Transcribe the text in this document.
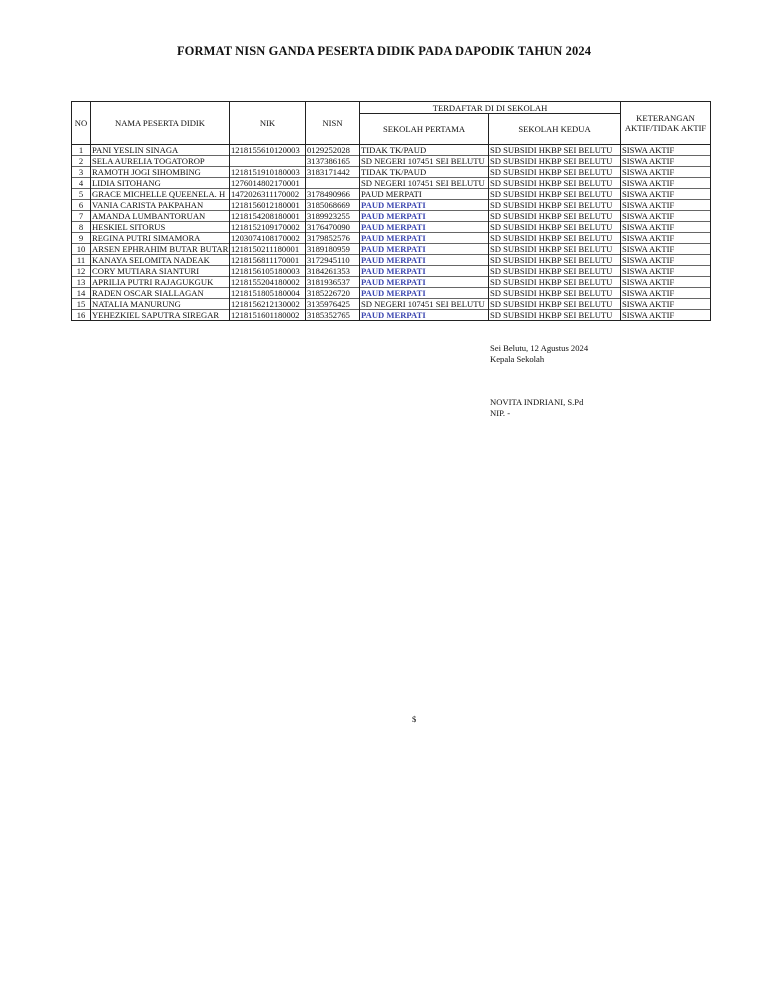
FORMAT NISN GANDA PESERTA DIDIK PADA DAPODIK TAHUN 2024
NO	NAMA PESERTA DIDIK	NIK	NISN	TERDAFTAR DI DI SEKOLAH		KETERANGAN AKTIF/TIDAK AKTIF
				SEKOLAH PERTAMA	SEKOLAH KEDUA	
1	PANI YESLIN SINAGA	1218155610120003	0129252028	TIDAK TK/PAUD	SD SUBSIDI HKBP SEI BELUTU	SISWA AKTIF
2	SELA AURELIA TOGATOROP		3137386165	SD NEGERI 107451 SEI BELUTU	SD SUBSIDI HKBP SEI BELUTU	SISWA AKTIF
3	RAMOTH JOGI SIHOMBING	1218151910180003	3183171442	TIDAK TK/PAUD	SD SUBSIDI HKBP SEI BELUTU	SISWA AKTIF
4	LIDIA SITOHANG	1276014802170001		SD NEGERI 107451 SEI BELUTU	SD SUBSIDI HKBP SEI BELUTU	SISWA AKTIF
5	GRACE MICHELLE QUEENELA. H	1472026311170002	3178490966	PAUD MERPATI	SD SUBSIDI HKBP SEI BELUTU	SISWA AKTIF
6	VANIA CARISTA PAKPAHAN	1218156012180001	3185068669	PAUD MERPATI	SD SUBSIDI HKBP SEI BELUTU	SISWA AKTIF
7	AMANDA LUMBANTORUAN	1218154208180001	3189923255	PAUD MERPATI	SD SUBSIDI HKBP SEI BELUTU	SISWA AKTIF
8	HESKIEL SITORUS	1218152109170002	3176470090	PAUD MERPATI	SD SUBSIDI HKBP SEI BELUTU	SISWA AKTIF
9	REGINA PUTRI SIMAMORA	1203074108170002	3179852576	PAUD MERPATI	SD SUBSIDI HKBP SEI BELUTU	SISWA AKTIF
10	ARSEN EPHRAHIM BUTAR BUTAR	1218150211180001	3189180959	PAUD MERPATI	SD SUBSIDI HKBP SEI BELUTU	SISWA AKTIF
11	KANAYA SELOMITA NADEAK	1218156811170001	3172945110	PAUD MERPATI	SD SUBSIDI HKBP SEI BELUTU	SISWA AKTIF
12	CORY MUTIARA SIANTURI	1218156105180003	3184261353	PAUD MERPATI	SD SUBSIDI HKBP SEI BELUTU	SISWA AKTIF
13	APRILIA PUTRI RAJAGUKGUK	1218155204180002	3181936537	PAUD MERPATI	SD SUBSIDI HKBP SEI BELUTU	SISWA AKTIF
14	RADEN OSCAR SIALLAGAN	1218151805180004	3185226720	PAUD MERPATI	SD SUBSIDI HKBP SEI BELUTU	SISWA AKTIF
15	NATALIA MANURUNG	1218156212130002	3135976425	SD NEGERI 107451 SEI BELUTU	SD SUBSIDI HKBP SEI BELUTU	SISWA AKTIF
16	YEHEZKIEL SAPUTRA SIREGAR	1218151601180002	3185352765	PAUD MERPATI	SD SUBSIDI HKBP SEI BELUTU	SISWA AKTIF
Sei Belutu, 12 Agustus 2024
Kepala Sekolah
NOVITA INDRIANI, S.Pd
NIP. -
$
